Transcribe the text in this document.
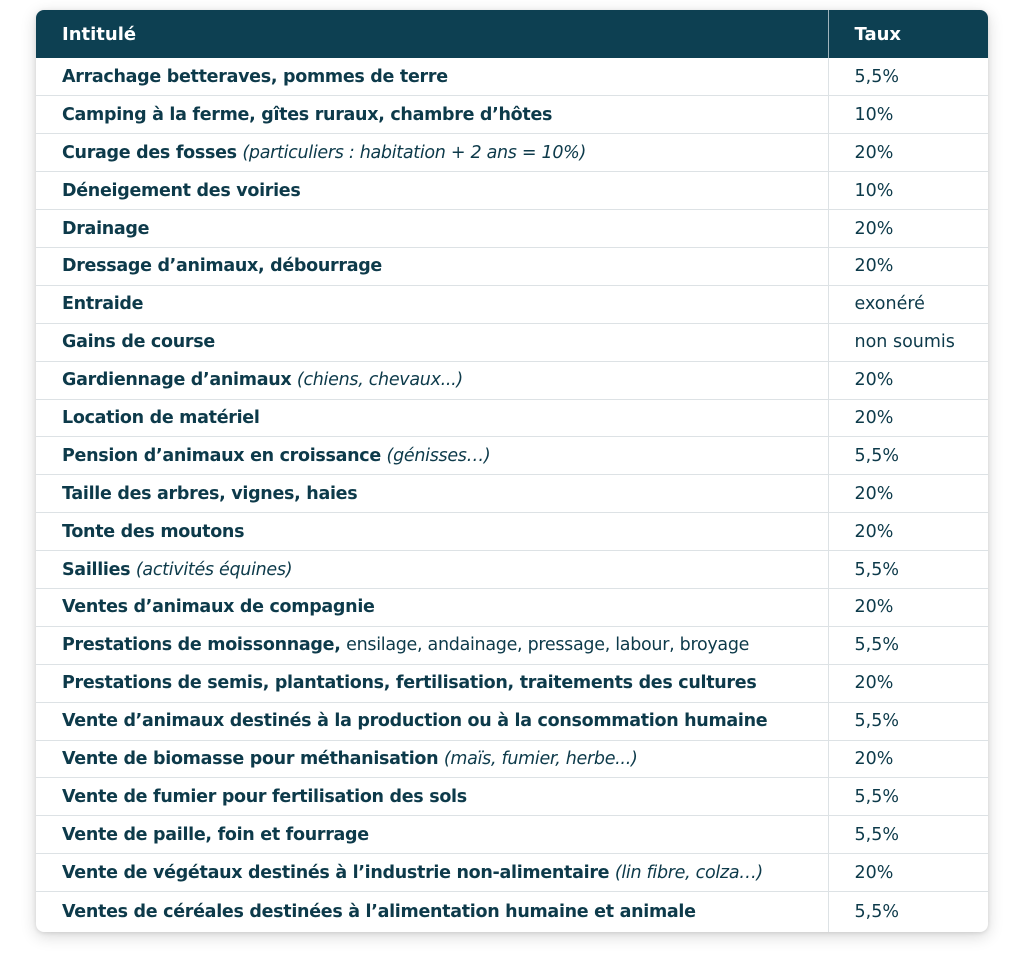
Intitulé	Taux
Arrachage betteraves, pommes de terre	5,5%
Camping à la ferme, gîtes ruraux, chambre d’hôtes	10%
Curage des fosses (particuliers : habitation + 2 ans = 10%)	20%
Déneigement des voiries	10%
Drainage	20%
Dressage d’animaux, débourrage	20%
Entraide	exonéré
Gains de course	non soumis
Gardiennage d’animaux (chiens, chevaux...)	20%
Location de matériel	20%
Pension d’animaux en croissance (génisses…)	5,5%
Taille des arbres, vignes, haies	20%
Tonte des moutons	20%
Saillies (activités équines)	5,5%
Ventes d’animaux de compagnie	20%
Prestations de moissonnage, ensilage, andainage, pressage, labour, broyage	5,5%
Prestations de semis, plantations, fertilisation, traitements des cultures	20%
Vente d’animaux destinés à la production ou à la consommation humaine	5,5%
Vente de biomasse pour méthanisation (maïs, fumier, herbe...)	20%
Vente de fumier pour fertilisation des sols	5,5%
Vente de paille, foin et fourrage	5,5%
Vente de végétaux destinés à l’industrie non-alimentaire (lin fibre, colza…)	20%
Ventes de céréales destinées à l’alimentation humaine et animale	5,5%
